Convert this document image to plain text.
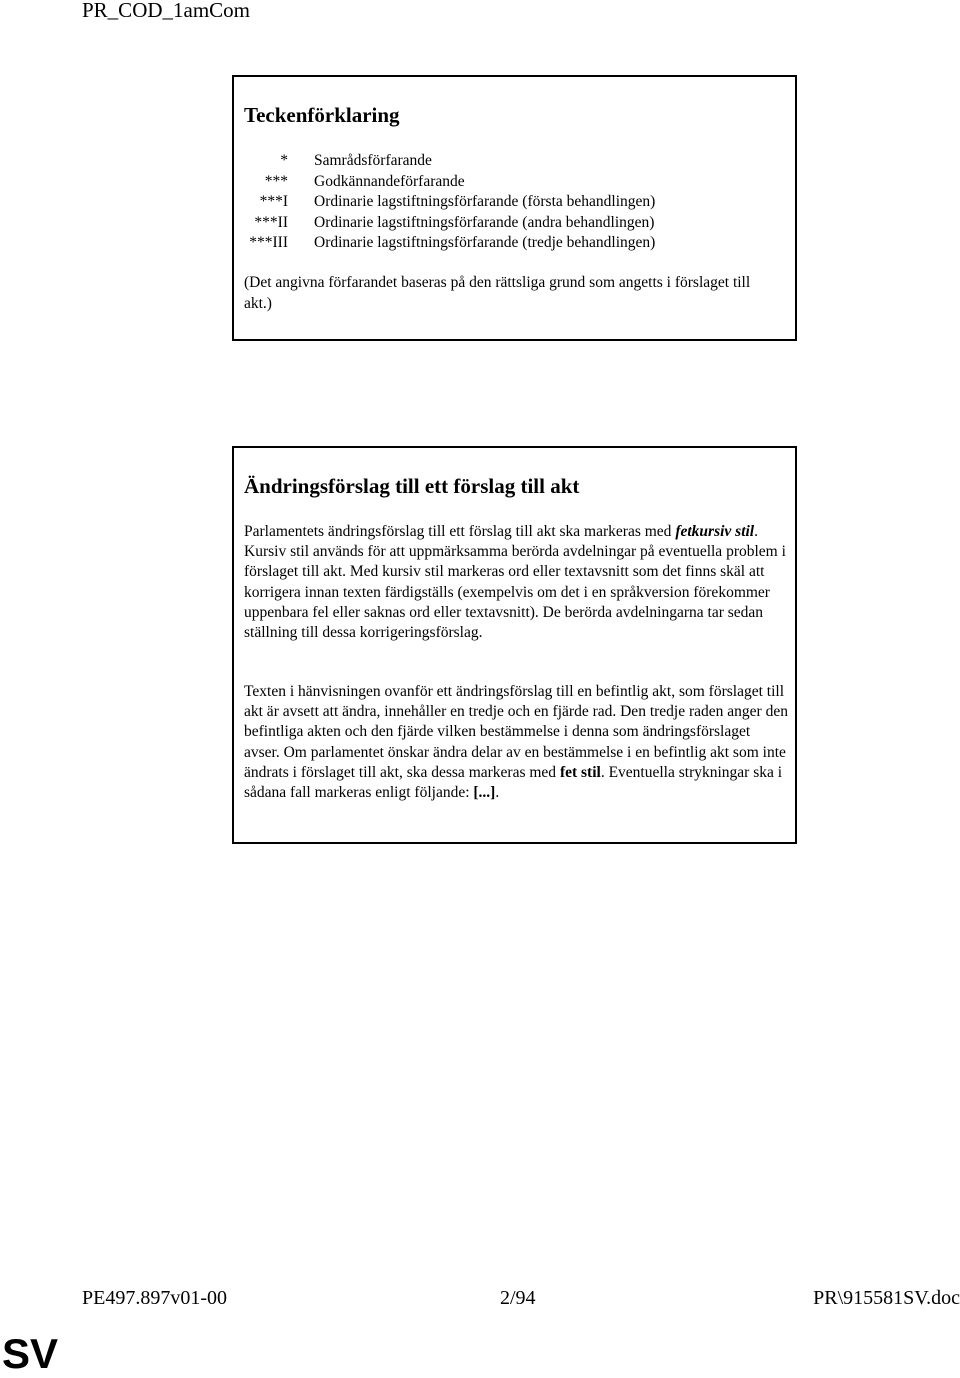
PR_COD_1amCom
Teckenförklaring
* Samrådsförfarande
*** Godkännandeförfarande
***I Ordinarie lagstiftningsförfarande (första behandlingen)
***II Ordinarie lagstiftningsförfarande (andra behandlingen)
***III Ordinarie lagstiftningsförfarande (tredje behandlingen)
(Det angivna förfarandet baseras på den rättsliga grund som angetts i förslaget till akt.)
Ändringsförslag till ett förslag till akt

Parlamentets ändringsförslag till ett förslag till akt ska markeras med fetkursiv stil. Kursiv stil används för att uppmärksamma berörda avdelningar på eventuella problem i förslaget till akt. Med kursiv stil markeras ord eller textavsnitt som det finns skäl att korrigera innan texten färdigställs (exempelvis om det i en språkversion förekommer uppenbara fel eller saknas ord eller textavsnitt). De berörda avdelningarna tar sedan ställning till dessa korrigeringsförslag.

Texten i hänvisningen ovanför ett ändringsförslag till en befintlig akt, som förslaget till akt är avsett att ändra, innehåller en tredje och en fjärde rad. Den tredje raden anger den befintliga akten och den fjärde vilken bestämmelse i denna som ändringsförslaget avser. Om parlamentet önskar ändra delar av en bestämmelse i en befintlig akt som inte ändrats i förslaget till akt, ska dessa markeras med fet stil. Eventuella strykningar ska i sådana fall markeras enligt följande: [...].

PE497.897v01-00	2/94	PR\915581SV.doc
SV
